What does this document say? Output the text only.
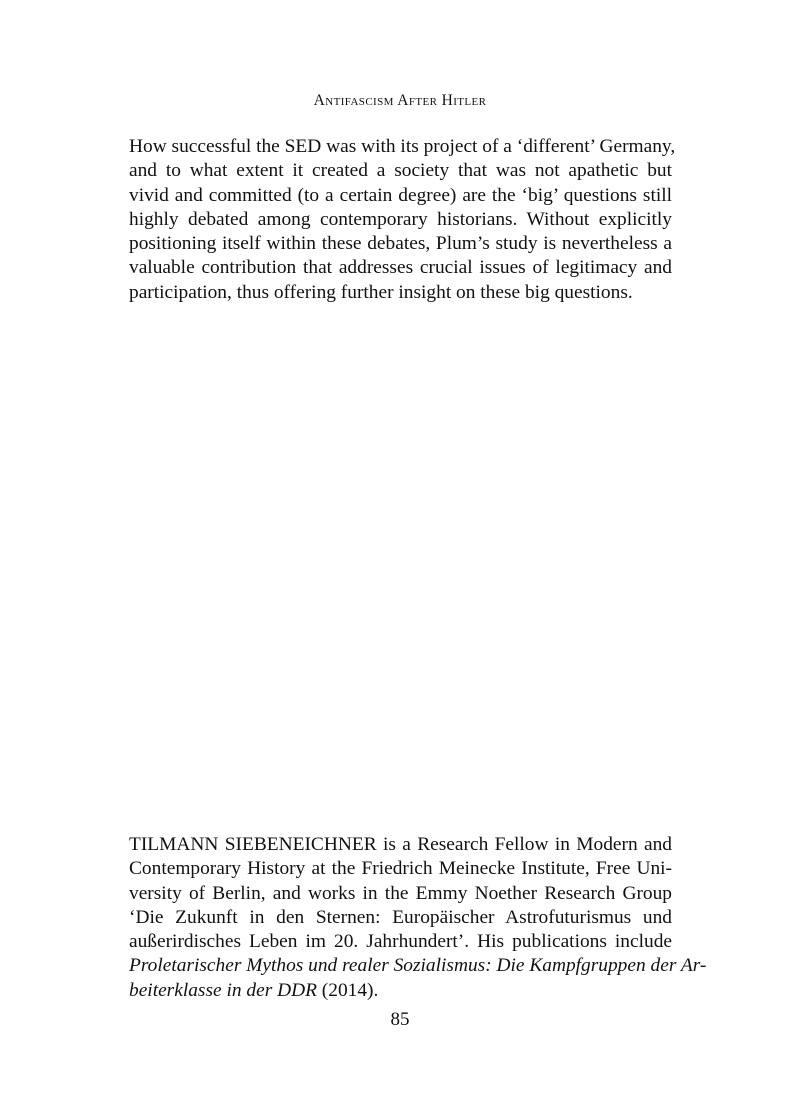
Antifascism After Hitler
How successful the SED was with its project of a ‘different’ Germany,
and to what extent it created a society that was not apathetic but
vivid and committed (to a certain degree) are the ‘big’ questions still
highly debated among contemporary historians. Without explicitly
positioning itself within these debates, Plum’s study is nevertheless a
valuable contribution that addresses crucial issues of legitimacy and
participation, thus offering further insight on these big questions.
TILMANN SIEBENEICHNER is a Research Fellow in Modern and
Contemporary History at the Friedrich Meinecke Institute, Free Uni-
versity of Berlin, and works in the Emmy Noether Research Group
‘Die Zukunft in den Sternen: Europäischer Astrofuturismus und
außerirdisches Leben im 20. Jahrhundert’. His publications include
Proletarischer Mythos und realer Sozialismus: Die Kampfgruppen der Ar-
beiterklasse in der DDR (2014).
85
